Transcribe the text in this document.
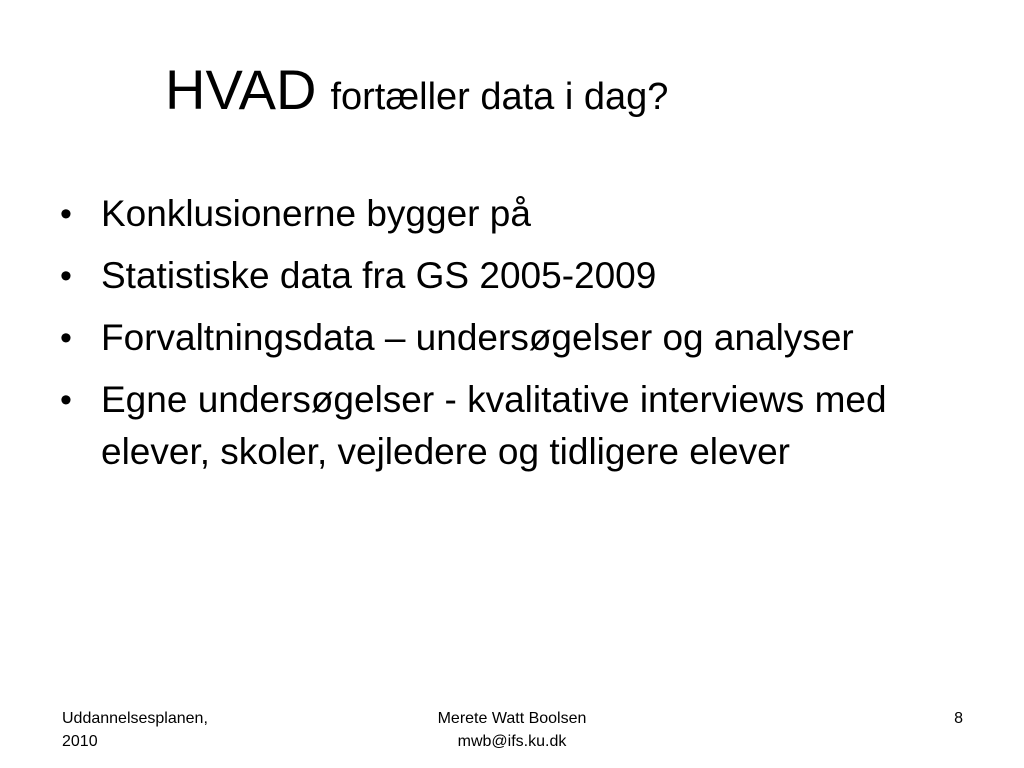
HVAD fortæller data i dag?
• Konklusionerne bygger på
• Statistiske data fra GS 2005-2009
• Forvaltningsdata – undersøgelser og analyser
• Egne undersøgelser - kvalitative interviews med elever, skoler, vejledere og tidligere elever
Uddannelsesplanen,
2010
Merete Watt Boolsen
mwb@ifs.ku.dk
8
